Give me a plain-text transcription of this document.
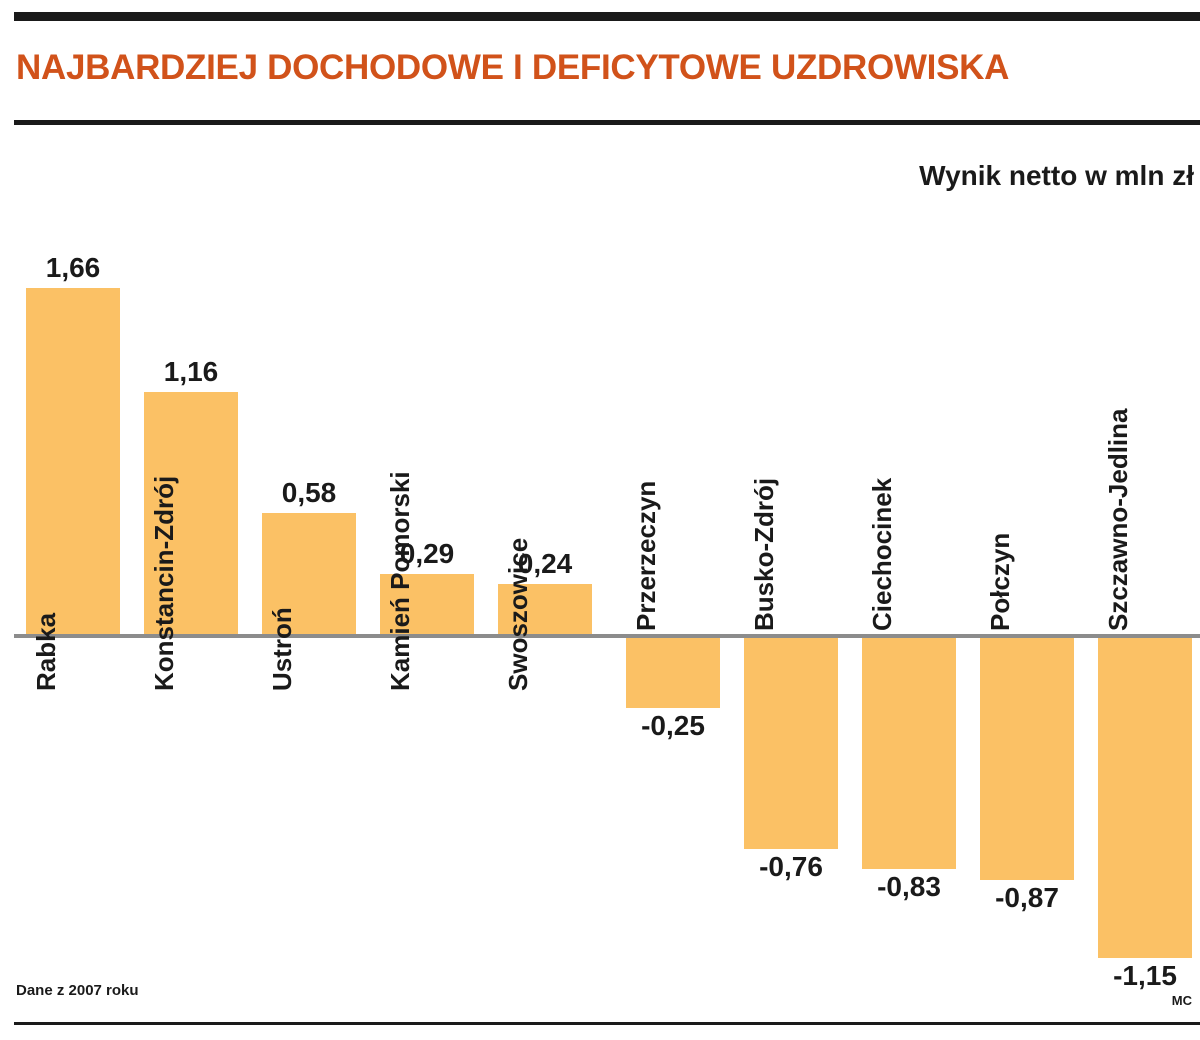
NAJBARDZIEJ DOCHODOWE I DEFICYTOWE UZDROWISKA
Wynik netto w mln zł
1,66
Rabka
1,16
Konstancin-Zdrój	0,58
Ustroń
0,29
Kamień Pomorski	0,24
Swoszowice
-0,25
Przerzeczyn
-0,76
Busko-Zdrój
-0,83
Ciechocinek
-0,87
Połczyn
-1,15
Szczawno-Jedlina
Dane z 2007 roku
MC
